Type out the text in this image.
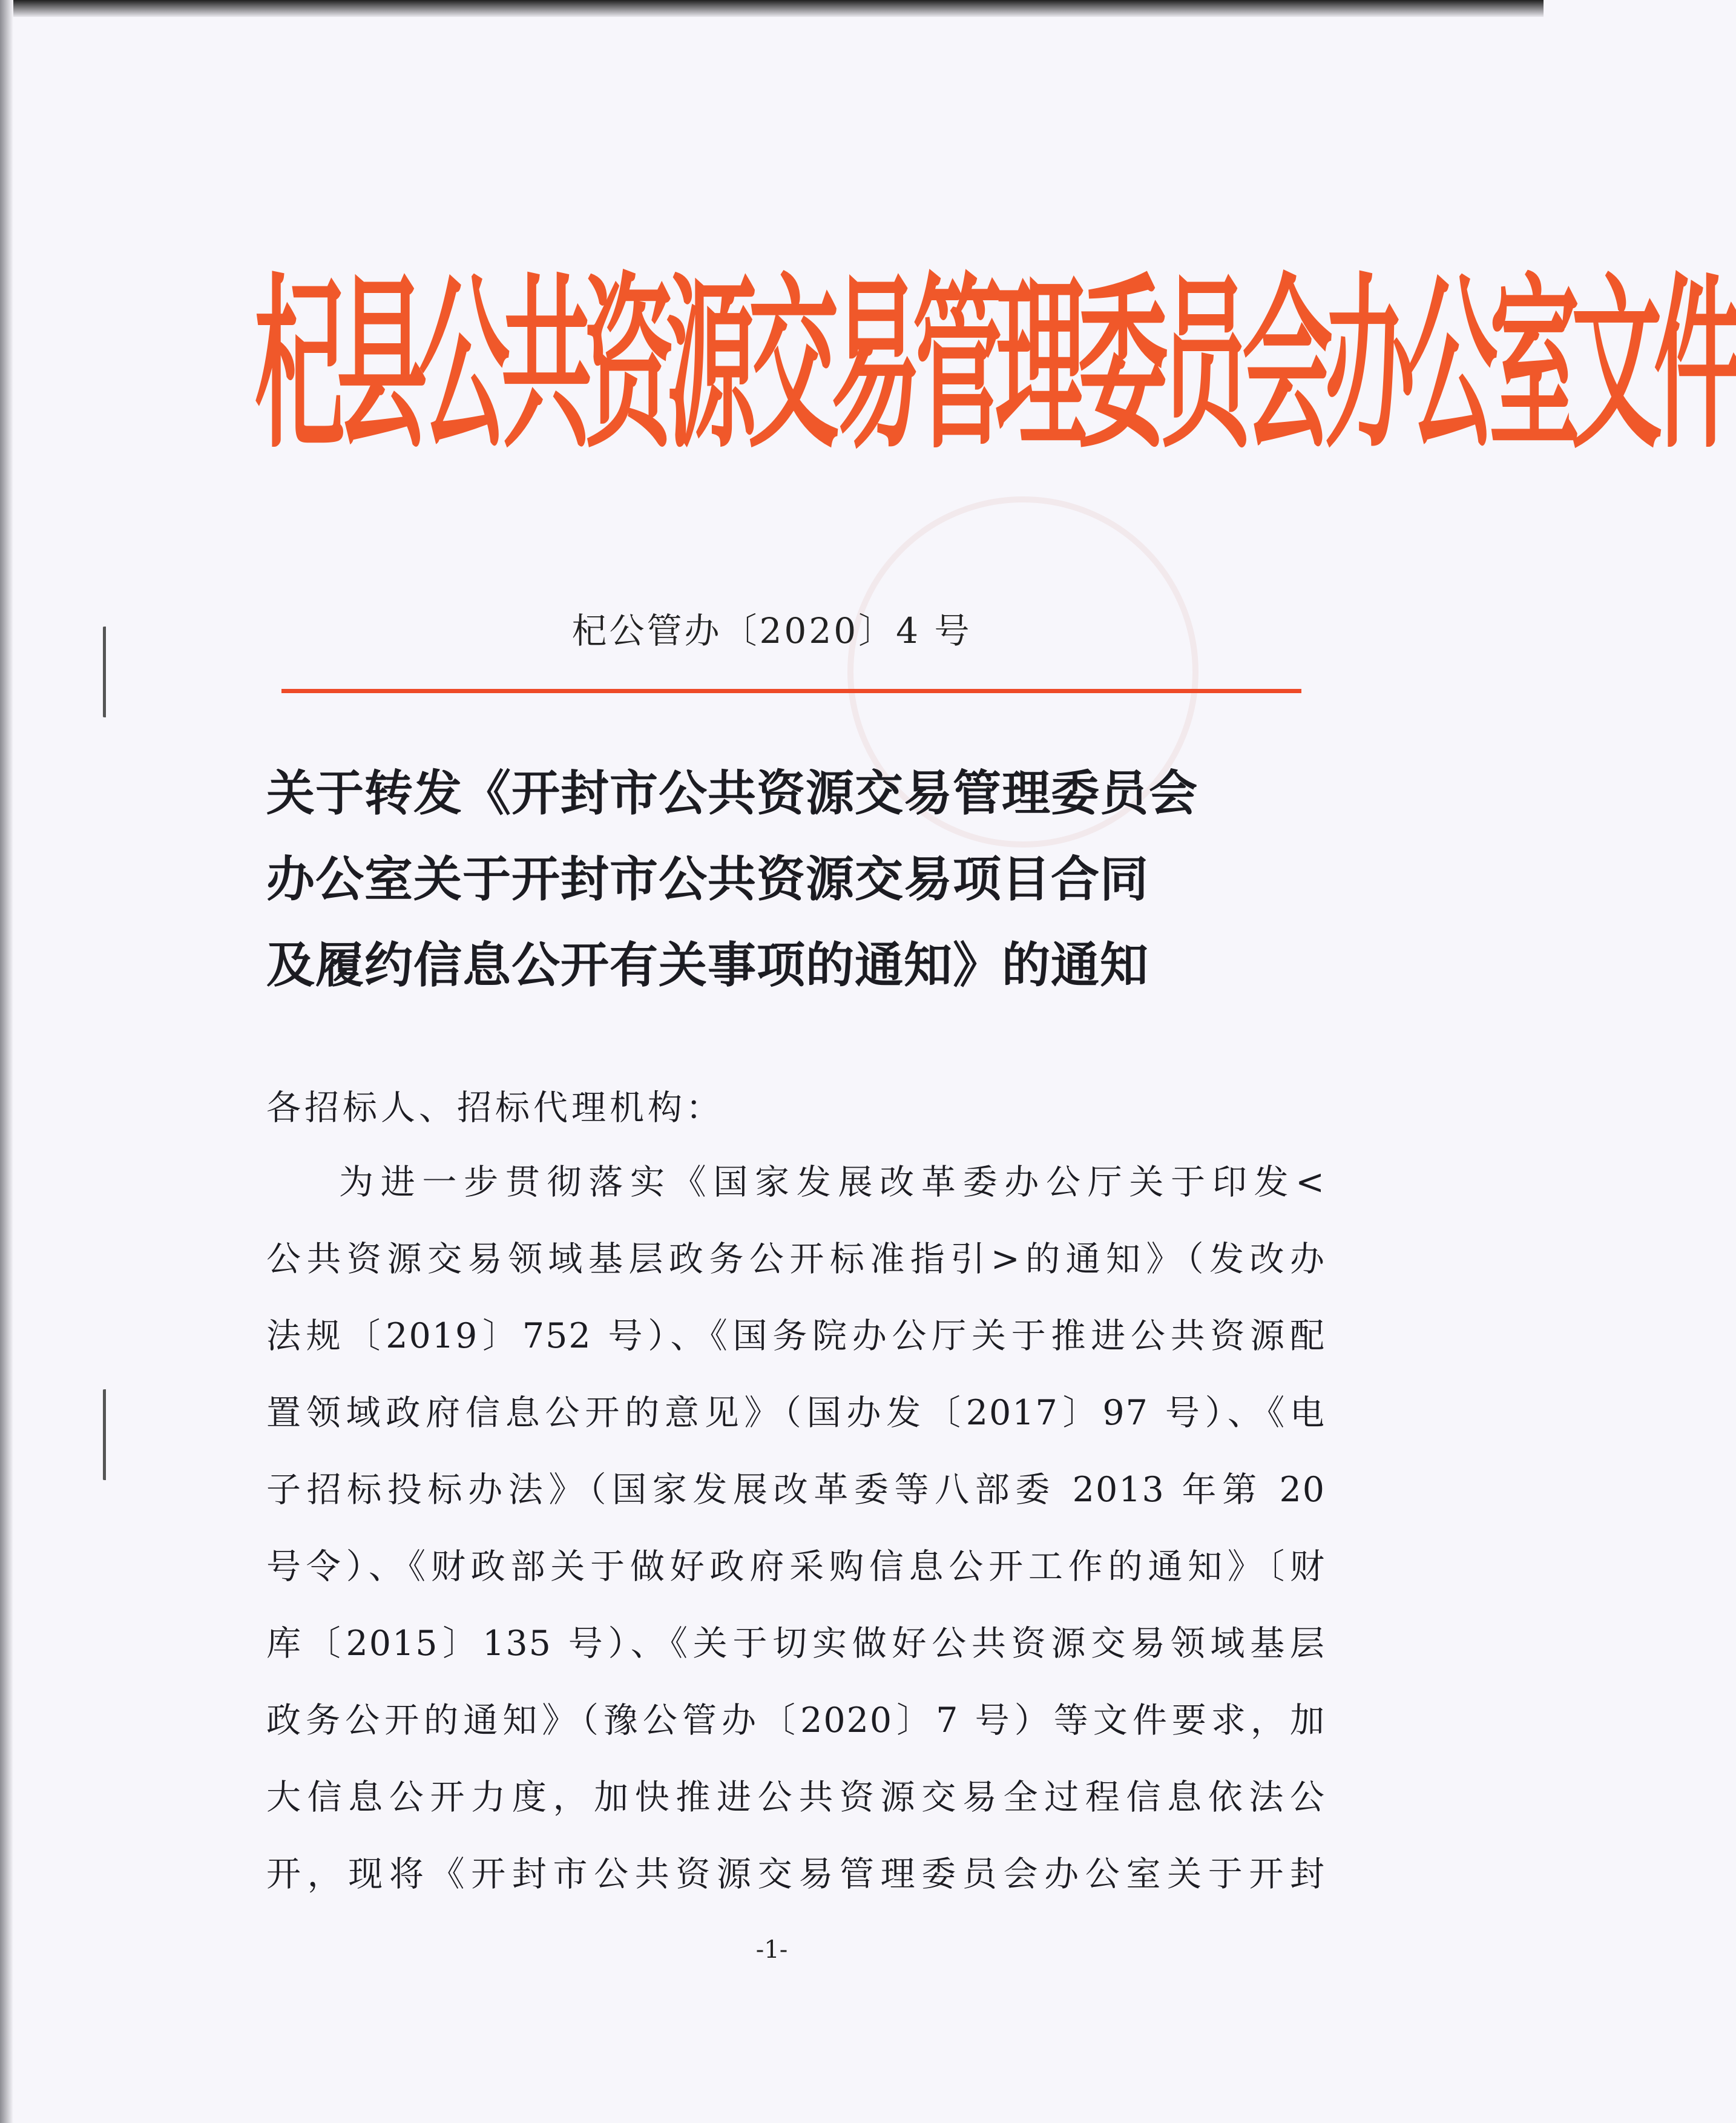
杞县公共资源交易管理委员会办公室文件
杞公管办〔2020〕4 号
关于转发《开封市公共资源交易管理委员会
办公室关于开封市公共资源交易项目合同
及履约信息公开有关事项的通知》的通知
各招标人、招标代理机构：
为进一步贯彻落实《国家发展改革委办公厅关于印发<
公共资源交易领域基层政务公开标准指引>的通知》（发改办
法规〔2019〕752 号）、《国务院办公厅关于推进公共资源配
置领域政府信息公开的意见》（国办发〔2017〕97 号）、《电
子招标投标办法》（国家发展改革委等八部委 2013 年第 20
号令）、《财政部关于做好政府采购信息公开工作的通知》〔财
库〔2015〕135 号）、《关于切实做好公共资源交易领域基层
政务公开的通知》（豫公管办〔2020〕7 号）等文件要求，加
大信息公开力度，加快推进公共资源交易全过程信息依法公
开，现将《开封市公共资源交易管理委员会办公室关于开封
-1-
